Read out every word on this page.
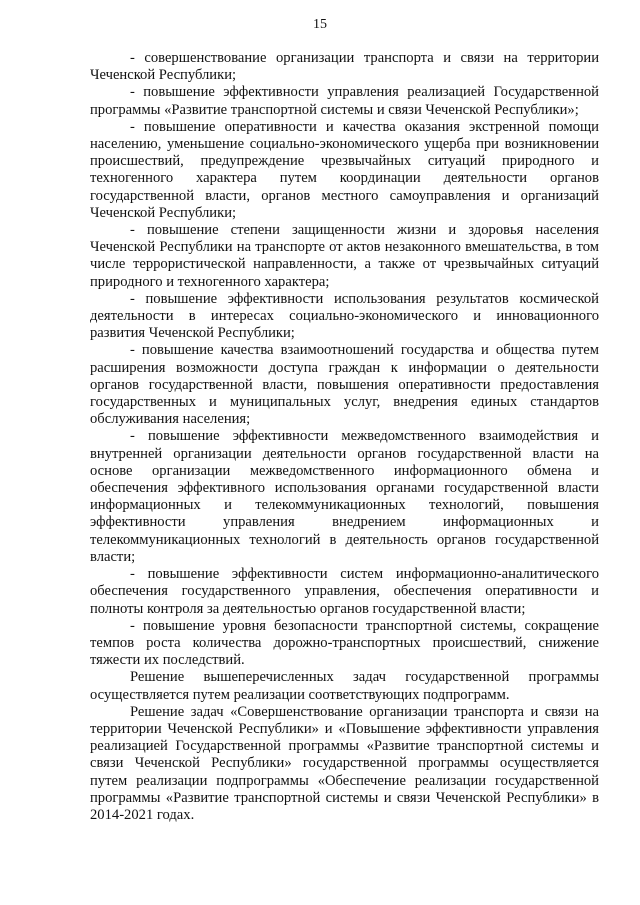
15

- совершенствование организации транспорта и связи на территории Чеченской Республики;

- повышение эффективности управления реализацией Государственной программы «Развитие транспортной системы и связи Чеченской Республики»;

- повышение оперативности и качества оказания экстренной помощи населению, уменьшение социально-экономического ущерба при возникновении происшествий, предупреждение чрезвычайных ситуаций природного и техногенного характера путем координации деятельности органов государственной власти, органов местного самоуправления и организаций Чеченской Республики;

- повышение степени защищенности жизни и здоровья населения Чеченской Республики на транспорте от актов незаконного вмешательства, в том числе террористической направленности, а также от чрезвычайных ситуаций природного и техногенного характера;

- повышение эффективности использования результатов космической деятельности в интересах социально-экономического и инновационного развития Чеченской Республики;

- повышение качества взаимоотношений государства и общества путем расширения возможности доступа граждан к информации о деятельности органов государственной власти, повышения оперативности предоставления государственных и муниципальных услуг, внедрения единых стандартов обслуживания населения;

- повышение эффективности межведомственного взаимодействия и внутренней организации деятельности органов государственной власти на основе организации межведомственного информационного обмена и обеспечения эффективного использования органами государственной власти информационных и телекоммуникационных технологий, повышения эффективности управления внедрением информационных и телекоммуникационных технологий в деятельность органов государственной власти;

- повышение эффективности систем информационно-аналитического обеспечения государственного управления, обеспечения оперативности и полноты контроля за деятельностью органов государственной власти;

- повышение уровня безопасности транспортной системы, сокращение темпов роста количества дорожно-транспортных происшествий, снижение тяжести их последствий.

Решение вышеперечисленных задач государственной программы осуществляется путем реализации соответствующих подпрограмм.

Решение задач «Совершенствование организации транспорта и связи на территории Чеченской Республики» и «Повышение эффективности управления реализацией Государственной программы «Развитие транспортной системы и связи Чеченской Республики» государственной программы осуществляется путем реализации подпрограммы «Обеспечение реализации государственной программы «Развитие транспортной системы и связи Чеченской Республики» в 2014-2021 годах.
